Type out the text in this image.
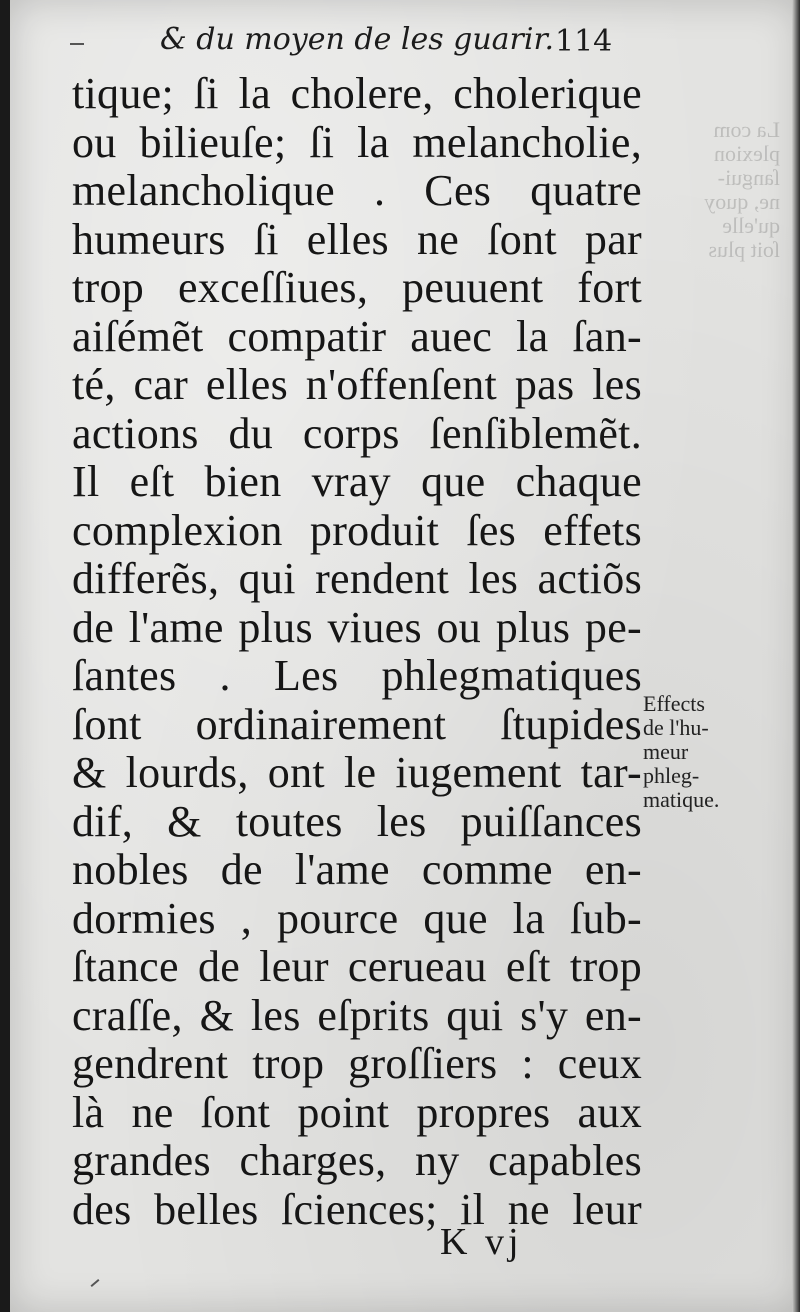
& du moyen de les guarir. 114
La com
plexion
ſangui-
ne, quoy
qu'elle
ſoit plus
tique; ſi la cholere, cholerique
ou bilieuſe; ſi la melancholie,
melancholique . Ces quatre
humeurs ſi elles ne ſont par
trop exceſſiues, peuuent fort
aiſémẽt compatir auec la ſan-
té, car elles n'offenſent pas les
actions du corps ſenſiblemẽt.
Il eſt bien vray que chaque
complexion produit ſes effets
differẽs, qui rendent les actiõs
de l'ame plus viues ou plus pe-
ſantes . Les phlegmatiques
ſont ordinairement ſtupides
& lourds, ont le iugement tar-
dif, & toutes les puiſſances
nobles de l'ame comme en-
dormies , pource que la ſub-
ſtance de leur cerueau eſt trop
craſſe, & les eſprits qui s'y en-
gendrent trop groſſiers : ceux
là ne ſont point propres aux
grandes charges, ny capables
des belles ſciences; il ne leur
Effects
de l'hu-
meur
phleg-
matique.
K vj
